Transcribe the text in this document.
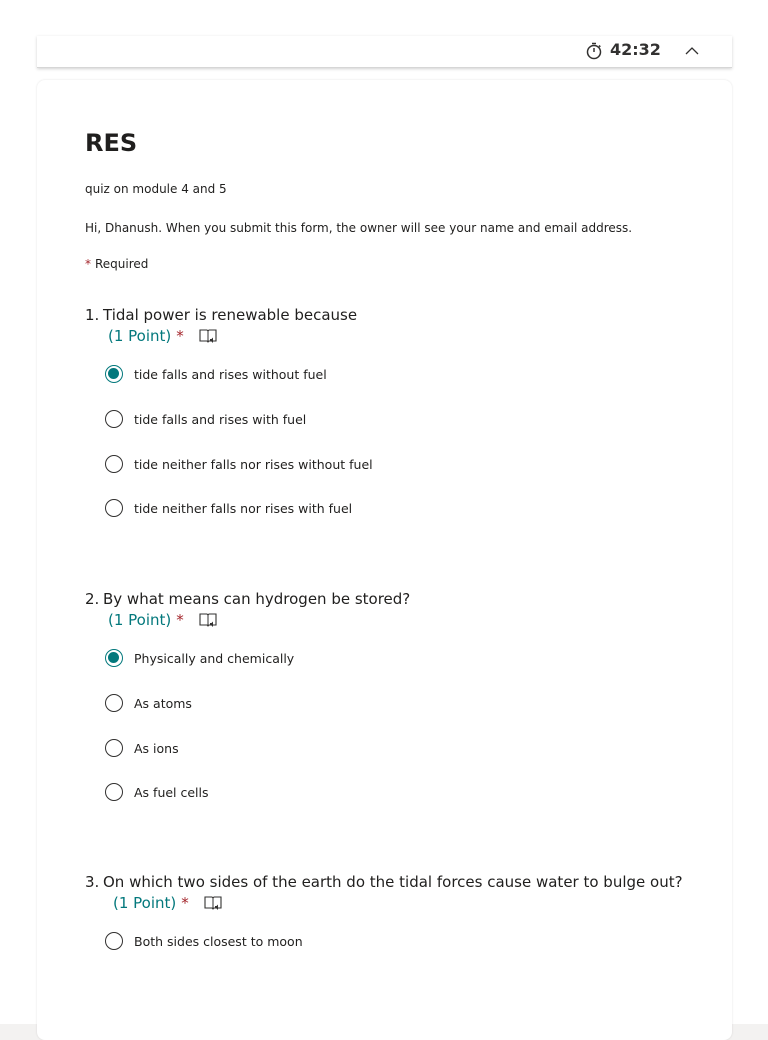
42:32
RES
quiz on module 4 and 5
Hi, Dhanush. When you submit this form, the owner will see your name and email address.
* Required
1. Tidal power is renewable because
(1 Point) *
tide falls and rises without fuel
tide falls and rises with fuel
tide neither falls nor rises without fuel
tide neither falls nor rises with fuel
2. By what means can hydrogen be stored?
(1 Point) *
Physically and chemically
As atoms
As ions
As fuel cells
3. On which two sides of the earth do the tidal forces cause water to bulge out?
(1 Point) *
Both sides closest to moon
